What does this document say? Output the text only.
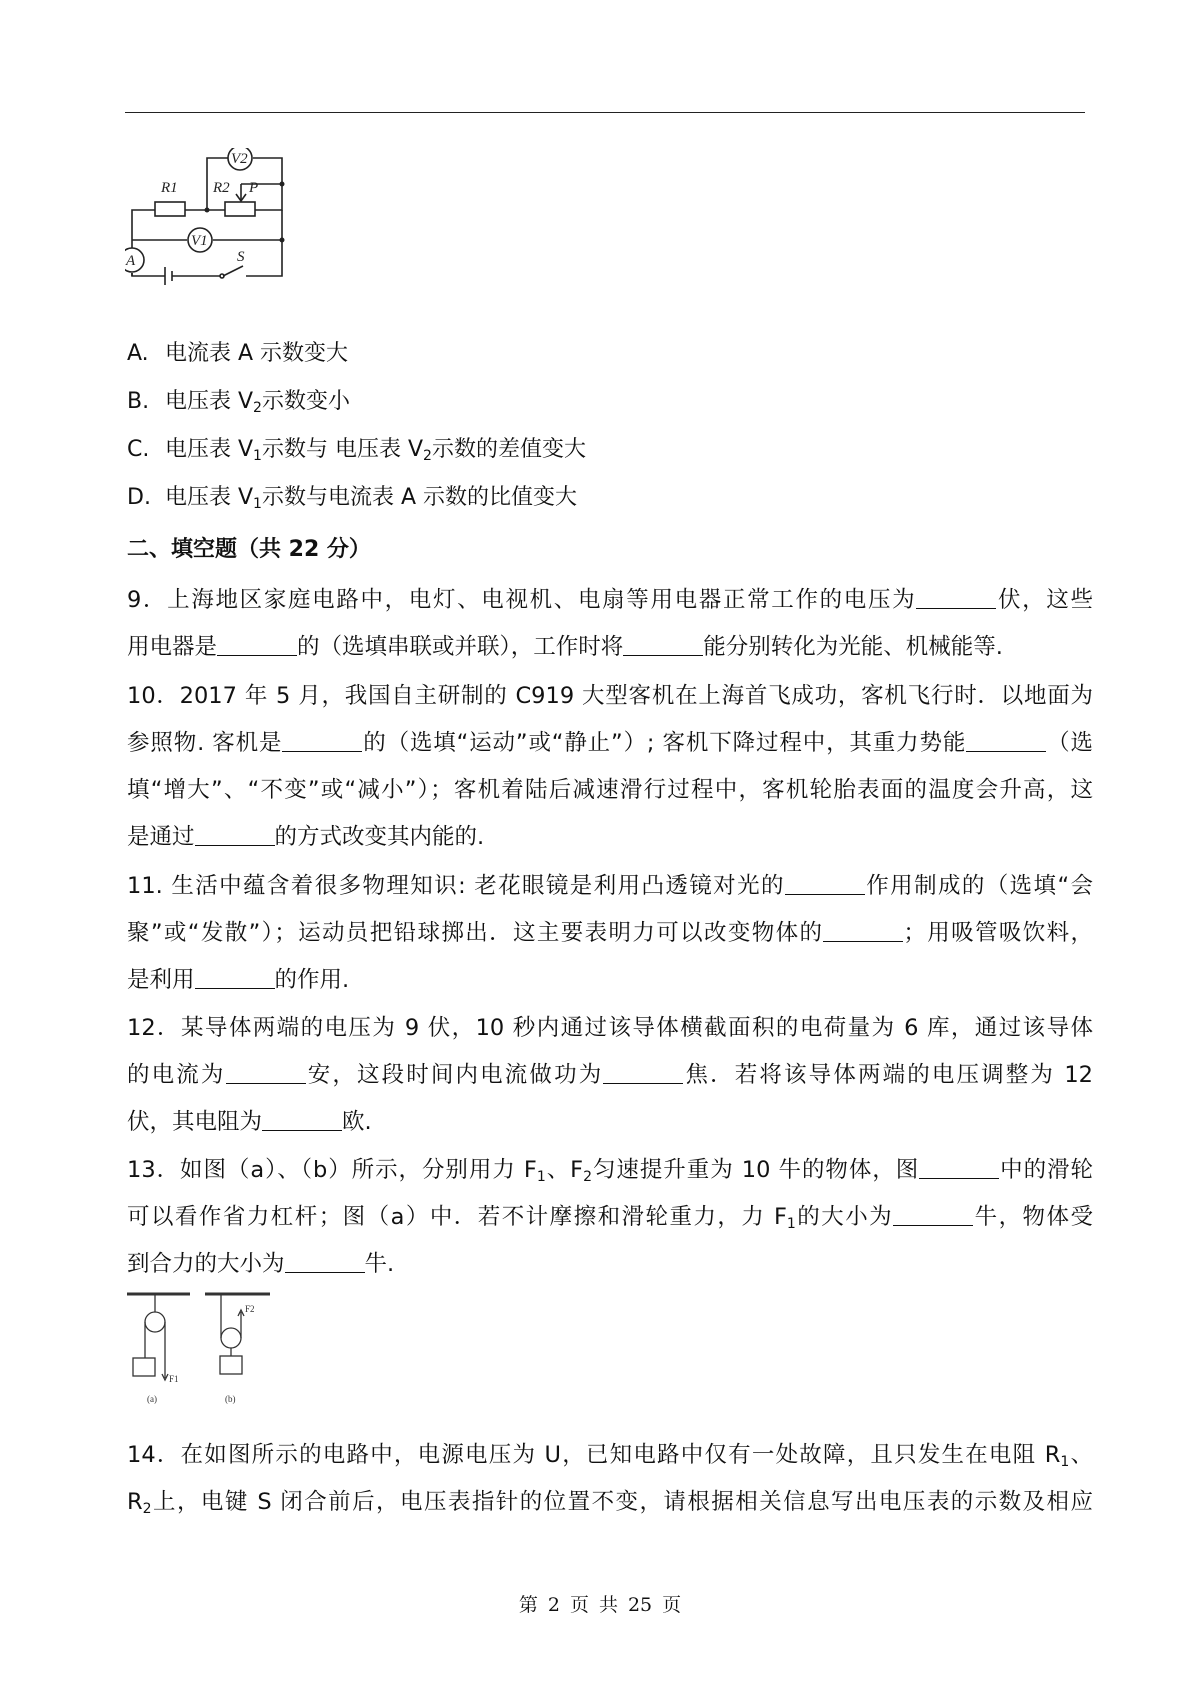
R1 R2 P
V2
V1
A	S
A. 电流表 A 示数变大
B. 电压表 $V_2$示数变小
C. 电压表 $V_1$示数与 电压表 $V_2$示数的差值变大
D. 电压表 $V_1$示数与电流表 A 示数的比值变大
二、填空题（共 22 分）
9．上海地区家庭电路中，电灯、电视机、电扇等用电器正常工作的电压为	伏，这些
用电器是	的（选填串联或并联），工作时将	能分别转化为光能、机械能等.
10．2017 年 5 月，我国自主研制的 C919 大型客机在上海首飞成功，客机飞行时．以地面为
参照物. 客机是	的（选填“运动”或“静止”）; 客机下降过程中，其重力势能	（选
填“增大”、“不变”或“减小”）；客机着陆后减速滑行过程中，客机轮胎表面的温度会升高，这
是通过	的方式改变其内能的.
11. 生活中蕴含着很多物理知识: 老花眼镜是利用凸透镜对光的	作用制成的（选填“会
聚”或“发散”）；运动员把铅球掷出．这主要表明力可以改变物体的	；用吸管吸饮料，
是利用	的作用.
12．某导体两端的电压为 9 伏，10 秒内通过该导体横截面积的电荷量为 6 库，通过该导体
的电流为	安，这段时间内电流做功为	焦．若将该导体两端的电压调整为 12
伏，其电阻为	欧.
13．如图（a）、（b）所示，分别用力 $F_1$、$F_2$匀速提升重为 10 牛的物体，图	中的滑轮
可以看作省力杠杆；图（a）中．若不计摩擦和滑轮重力，力 $F_1$的大小为	牛，物体受
到合力的大小为	牛.
F1
F2
(a)	(b)
14．在如图所示的电路中，电源电压为 U，已知电路中仅有一处故障，且只发生在电阻 $R_1$、
$R_2$上，电键 S 闭合前后，电压表指针的位置不变，请根据相关信息写出电压表的示数及相应
第 2 页 共 25 页
